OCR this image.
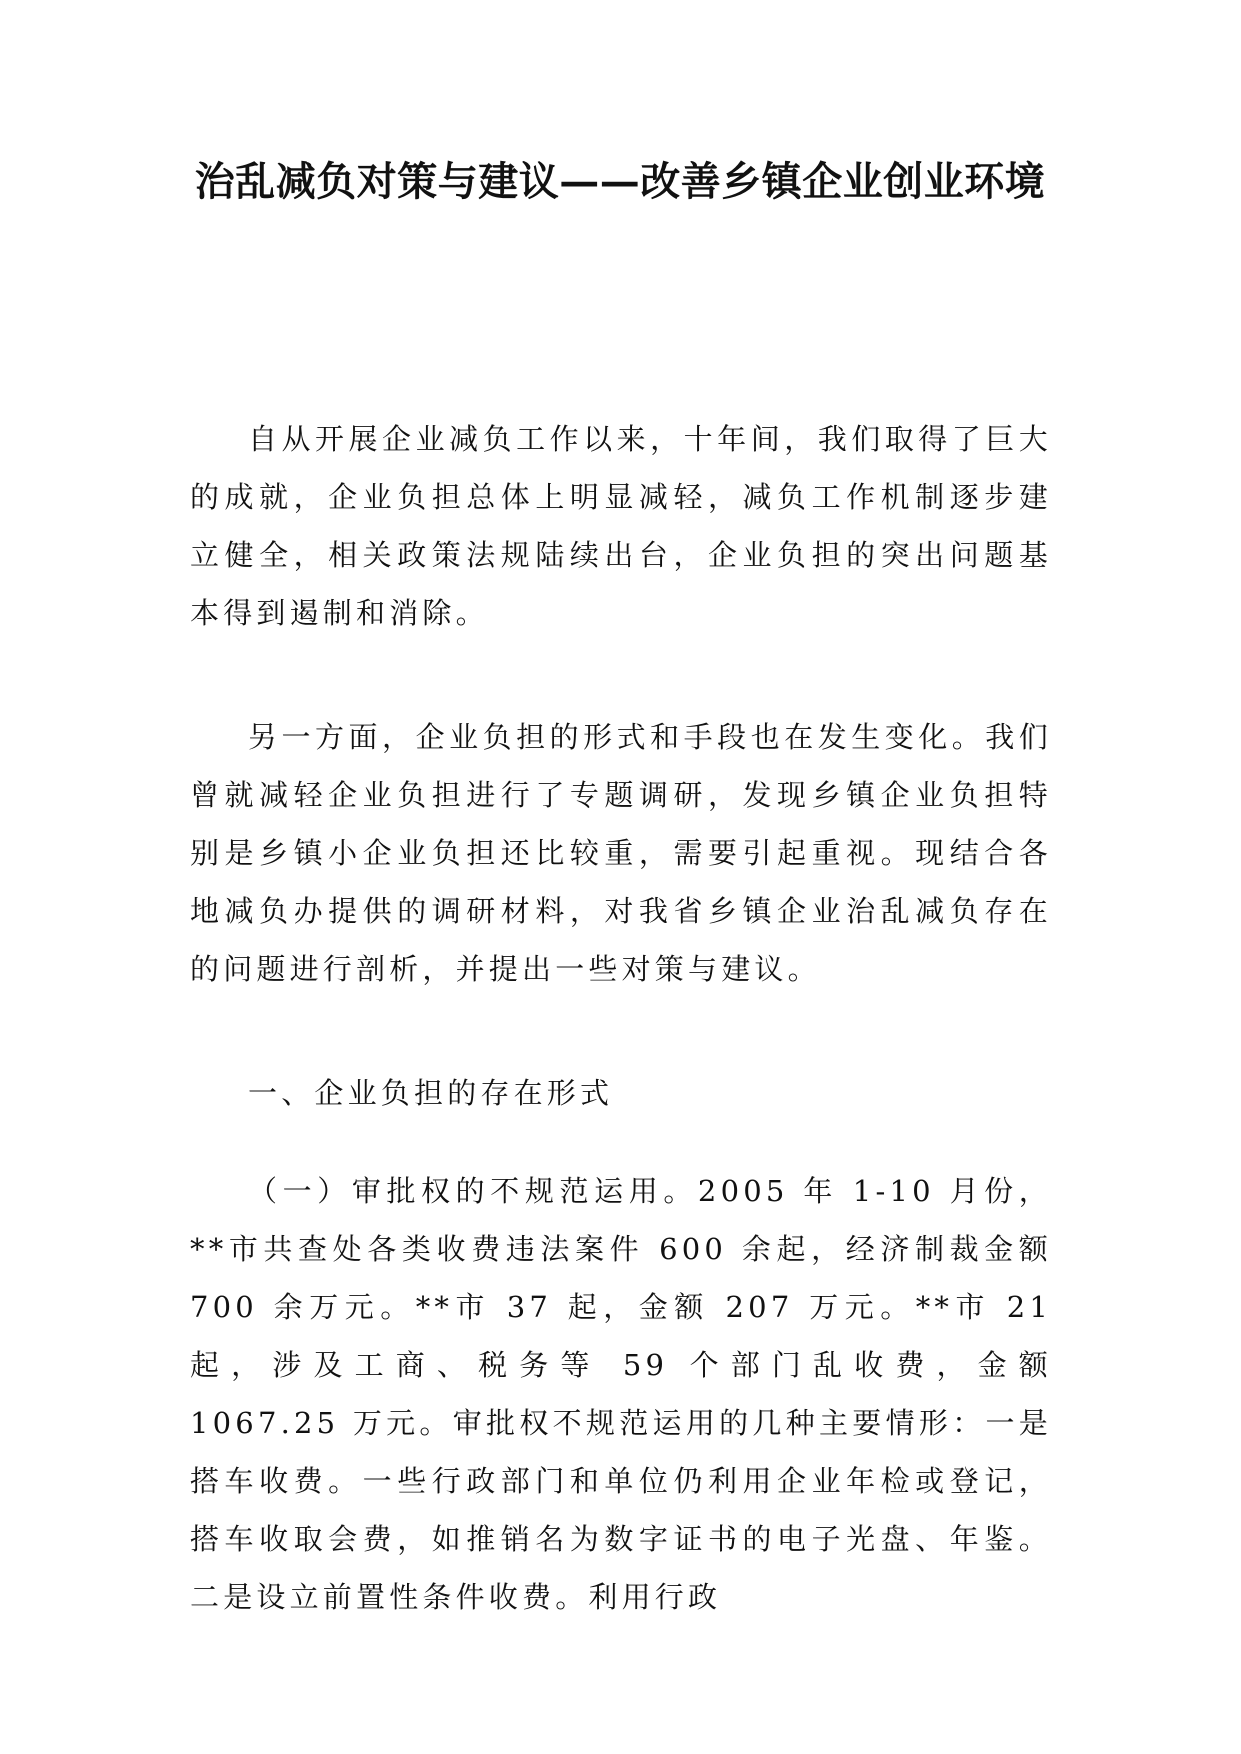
治乱减负对策与建议——改善乡镇企业创业环境

自从开展企业减负工作以来，十年间，我们取得了巨大的成就，企业负担总体上明显减轻，减负工作机制逐步建立健全，相关政策法规陆续出台，企业负担的突出问题基本得到遏制和消除。

另一方面，企业负担的形式和手段也在发生变化。我们曾就减轻企业负担进行了专题调研，发现乡镇企业负担特别是乡镇小企业负担还比较重，需要引起重视。现结合各地减负办提供的调研材料，对我省乡镇企业治乱减负存在的问题进行剖析，并提出一些对策与建议。

一、企业负担的存在形式

（一）审批权的不规范运用。2005 年 1-10 月份，**市共查处各类收费违法案件 600 余起，经济制裁金额 700 余万元。**市 37 起，金额 207 万元。**市 21 起，涉及工商、税务等 59 个部门乱收费，金额 1067.25 万元。审批权不规范运用的几种主要情形：一是搭车收费。一些行政部门和单位仍利用企业年检或登记，搭车收取会费，如推销名为数字证书的电子光盘、年鉴。二是设立前置性条件收费。利用行政
